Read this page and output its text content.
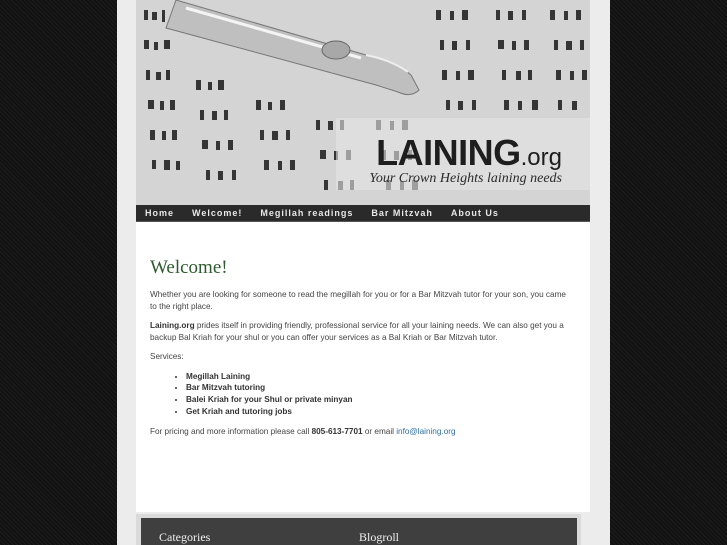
LAINING.org
Your Crown Heights laining needs
Home	Welcome!	Megillah readings	Bar Mitzvah	About Us
Welcome!

Whether you are looking for someone to read the megillah for you or for a Bar Mitzvah tutor for your son, you came to the right place.

Laining.org prides itself in providing friendly, professional service for all your laining needs. We can also get you a backup Bal Kriah for your shul or you can offer your services as a Bal Kriah or Bar Mitzvah tutor.

Services:

• Megillah Laining
• Bar Mitzvah tutoring
• Balei Kriah for your Shul or private minyan
• Get Kriah and tutoring jobs

For pricing and more information please call 805-613-7701 or email info@laining.org

Categories	Blogroll
